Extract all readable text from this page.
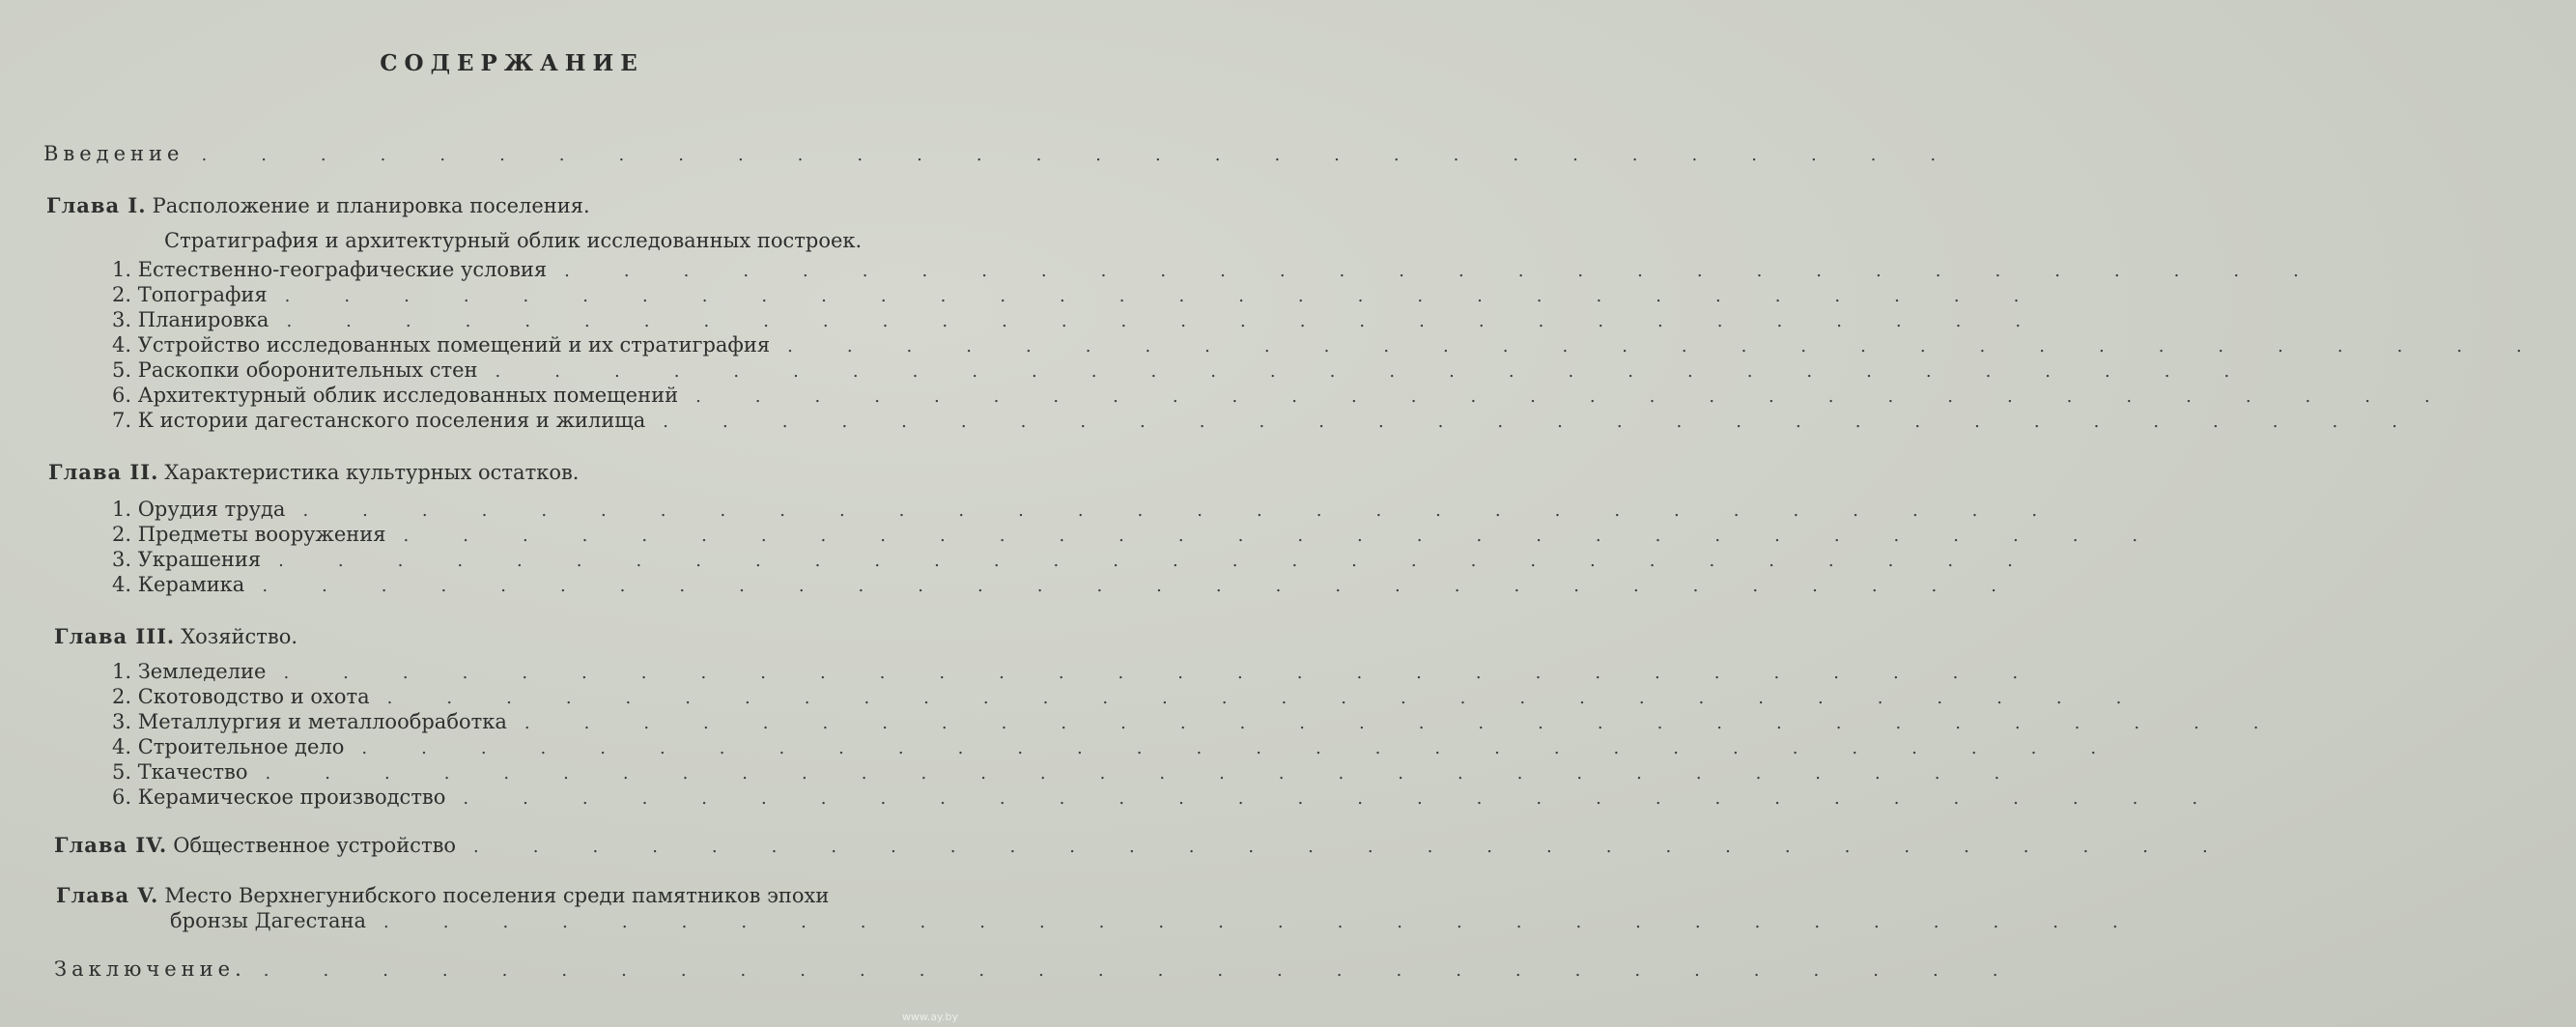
СОДЕРЖАНИЕ
Введение	..............................
Глава I. Расположение и планировка поселения.
Стратиграфия и архитектурный облик исследованных построек.
1. Естественно-географические условия	..............................
2. Топография	..............................
3. Планировка	..............................
4. Устройство исследованных помещений и их стратиграфия	..............................
5. Раскопки оборонительных стен	..............................
6. Архитектурный облик исследованных помещений	..............................
7. К истории дагестанского поселения и жилища	..............................
Глава II. Характеристика культурных остатков.
1. Орудия труда	..............................
2. Предметы вооружения	..............................
3. Украшения	..............................
4. Керамика	..............................
Глава III. Хозяйство.
1. Земледелие	..............................
2. Скотоводство и охота	..............................
3. Металлургия и металлообработка	..............................
4. Строительное дело	..............................
5. Ткачество	..............................
6. Керамическое производство	..............................
Глава IV. Общественное устройство	..............................
Глава V. Место Верхнегунибского поселения среди памятников эпохи
бронзы Дагестана	..............................
Заключение.	..............................
www.ay.by
